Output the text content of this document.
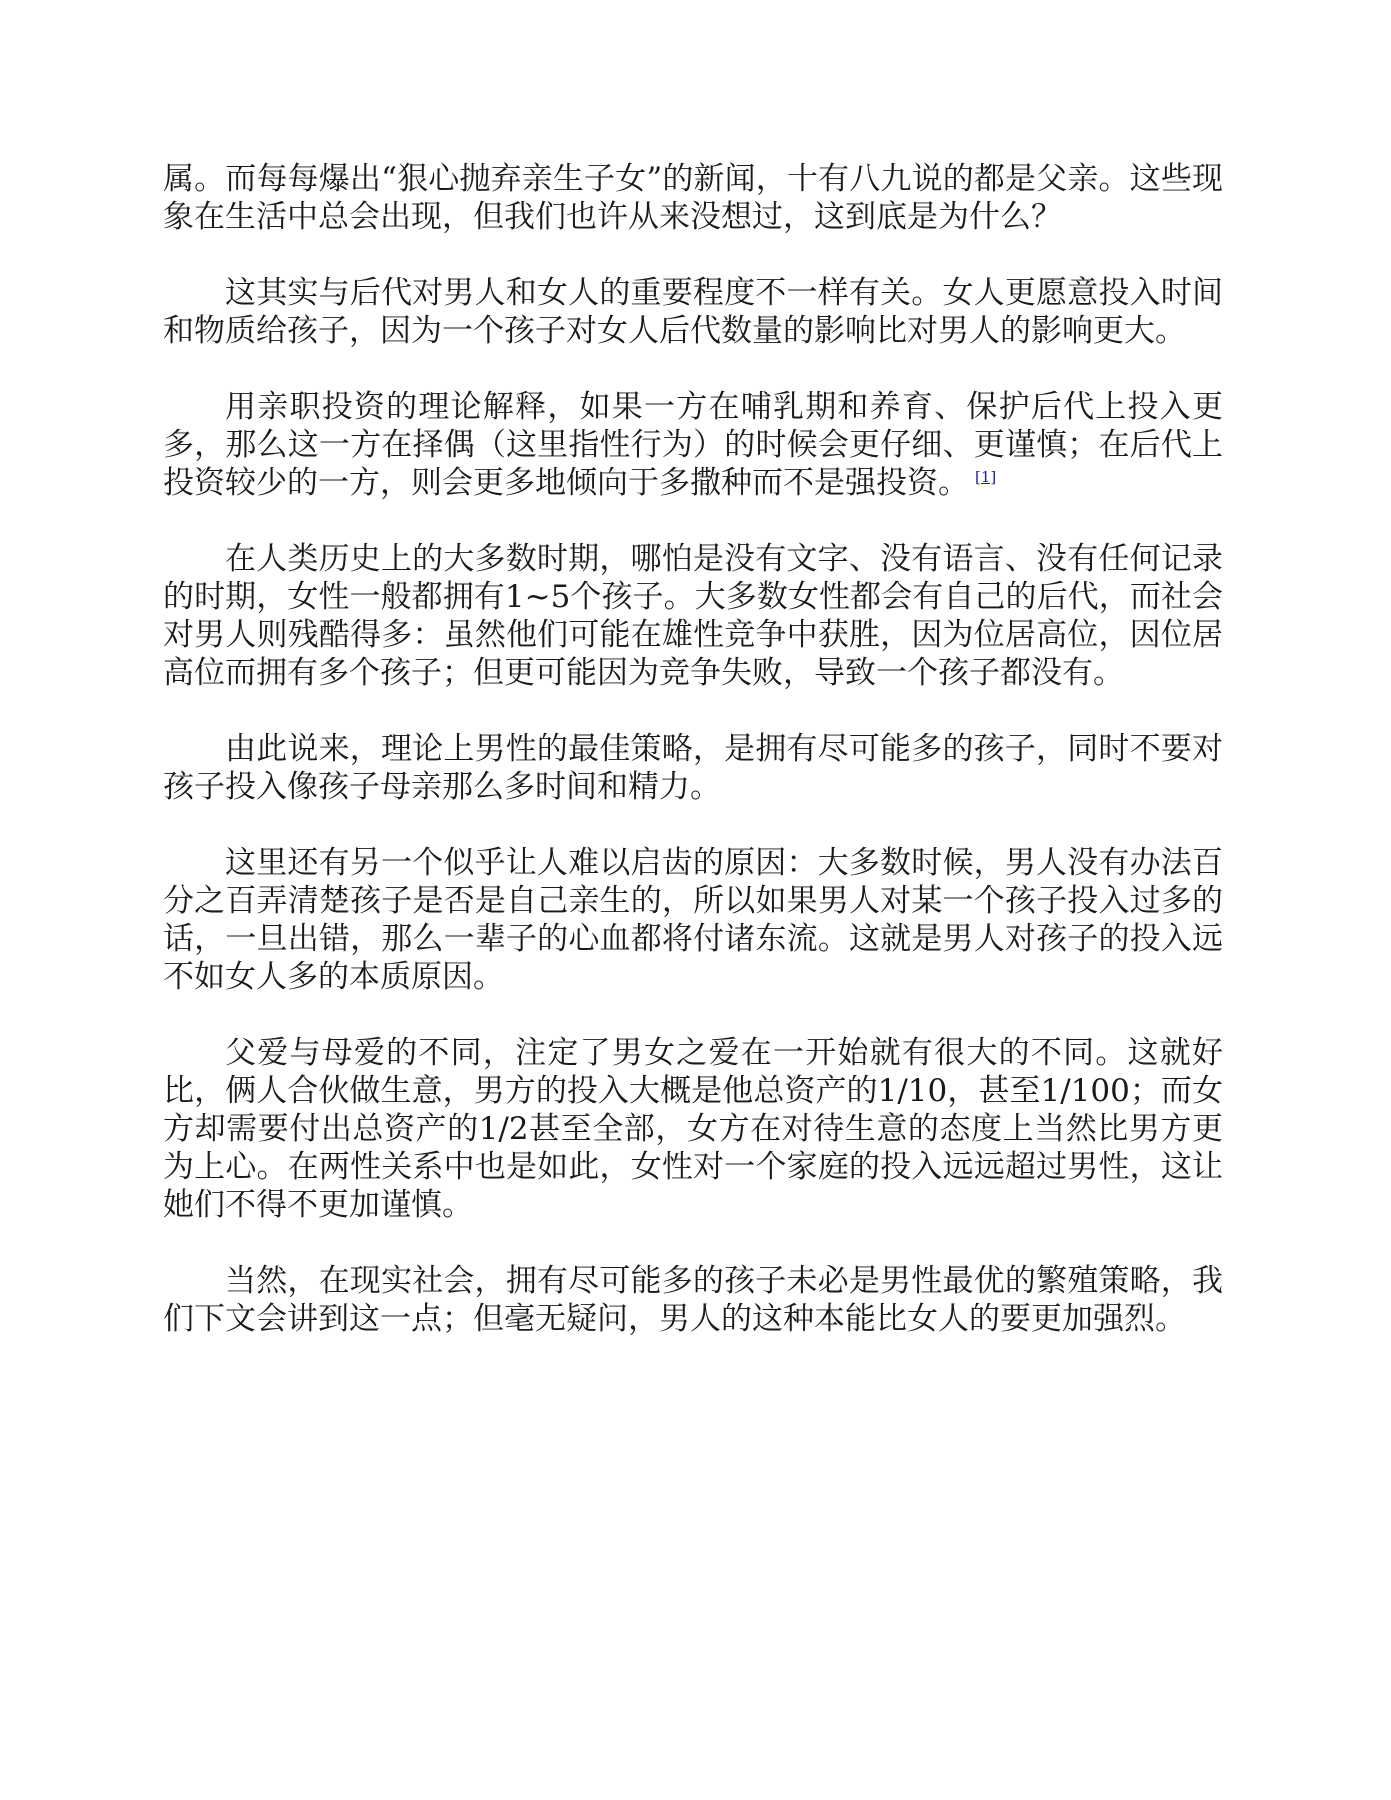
属。而每每爆出“狠心抛弃亲生子女”的新闻，十有八九说的都是父亲。这些现象在生活中总会出现，但我们也许从来没想过，这到底是为什么？

这其实与后代对男人和女人的重要程度不一样有关。女人更愿意投入时间和物质给孩子，因为一个孩子对女人后代数量的影响比对男人的影响更大。

用亲职投资的理论解释，如果一方在哺乳期和养育、保护后代上投入更多，那么这一方在择偶（这里指性行为）的时候会更仔细、更谨慎；在后代上投资较少的一方，则会更多地倾向于多撒种而不是强投资。 [1]

在人类历史上的大多数时期，哪怕是没有文字、没有语言、没有任何记录的时期，女性一般都拥有1~5个孩子。大多数女性都会有自己的后代，而社会对男人则残酷得多：虽然他们可能在雄性竞争中获胜，因为位居高位，因位居高位而拥有多个孩子；但更可能因为竞争失败，导致一个孩子都没有。

由此说来，理论上男性的最佳策略，是拥有尽可能多的孩子，同时不要对孩子投入像孩子母亲那么多时间和精力。

这里还有另一个似乎让人难以启齿的原因：大多数时候，男人没有办法百分之百弄清楚孩子是否是自己亲生的，所以如果男人对某一个孩子投入过多的话，一旦出错，那么一辈子的心血都将付诸东流。这就是男人对孩子的投入远不如女人多的本质原因。

父爱与母爱的不同，注定了男女之爱在一开始就有很大的不同。这就好比，俩人合伙做生意，男方的投入大概是他总资产的1/10，甚至1/100；而女方却需要付出总资产的1/2甚至全部，女方在对待生意的态度上当然比男方更为上心。在两性关系中也是如此，女性对一个家庭的投入远远超过男性，这让她们不得不更加谨慎。

当然，在现实社会，拥有尽可能多的孩子未必是男性最优的繁殖策略，我们下文会讲到这一点；但毫无疑问，男人的这种本能比女人的要更加强烈。
